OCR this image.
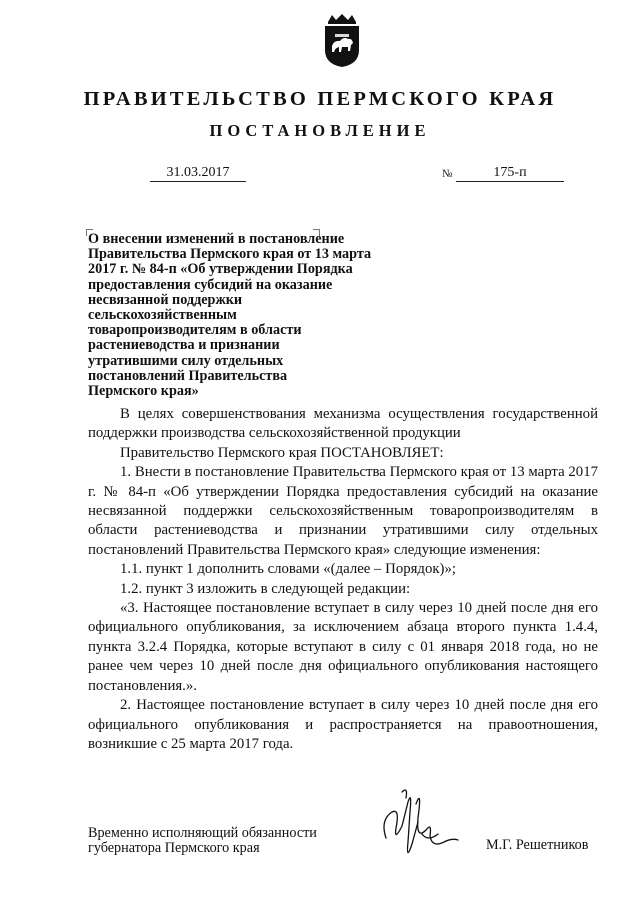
ПРАВИТЕЛЬСТВО ПЕРМСКОГО КРАЯ
ПОСТАНОВЛЕНИЕ
31.03.2017	№	175-п
О внесении изменений в постановление
Правительства Пермского края от 13 марта
2017 г. № 84-п «Об утверждении Порядка
предоставления субсидий на оказание
несвязанной поддержки
сельскохозяйственным
товаропроизводителям в области
растениеводства и признании
утратившими силу отдельных
постановлений Правительства
Пермского края»

В целях совершенствования механизма осуществления государственной поддержки производства сельскохозяйственной продукции

Правительство Пермского края ПОСТАНОВЛЯЕТ:

1. Внести в постановление Правительства Пермского края от 13 марта 2017 г. № 84-п «Об утверждении Порядка предоставления субсидий на оказание несвязанной поддержки сельскохозяйственным товаропроизводителям в области растениеводства и признании утратившими силу отдельных постановлений Правительства Пермского края» следующие изменения:

1.1. пункт 1 дополнить словами «(далее – Порядок)»;

1.2. пункт 3 изложить в следующей редакции:

«3. Настоящее постановление вступает в силу через 10 дней после дня его официального опубликования, за исключением абзаца второго пункта 1.4.4, пункта 3.2.4 Порядка, которые вступают в силу с 01 января 2018 года, но не ранее чем через 10 дней после дня официального опубликования настоящего постановления.».

2. Настоящее постановление вступает в силу через 10 дней после дня его официального опубликования и распространяется на правоотношения, возникшие с 25 марта 2017 года.

Временно исполняющий обязанности
губернатора Пермского края	М.Г. Решетников
